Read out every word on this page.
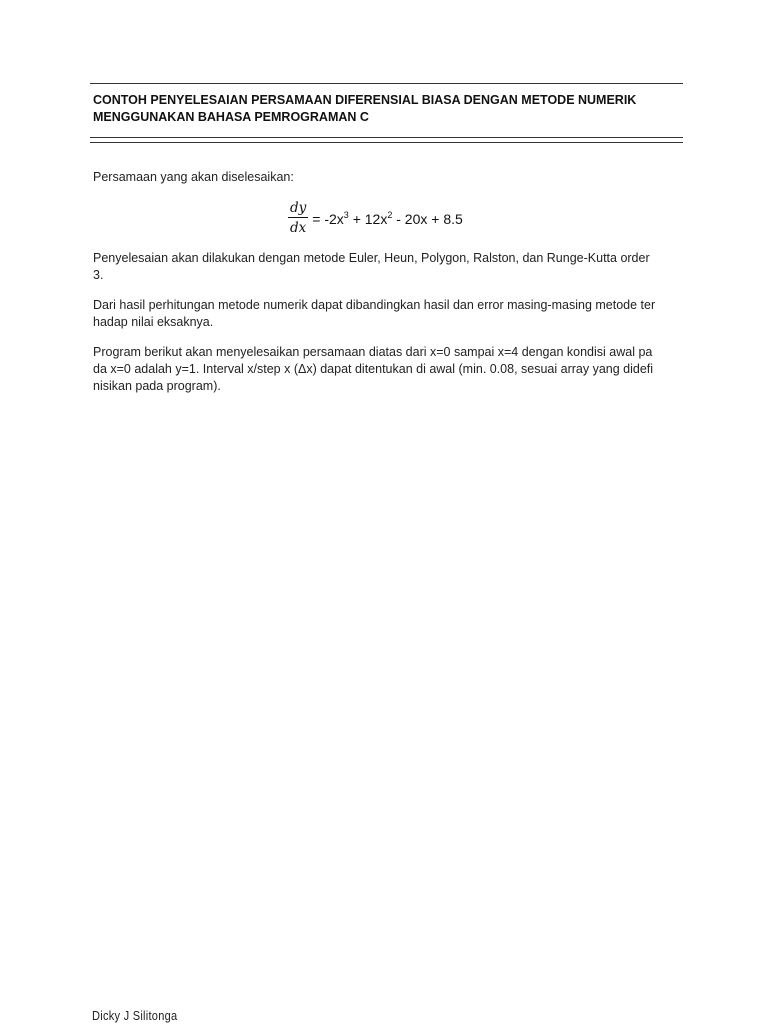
CONTOH PENYELESAIAN PERSAMAAN DIFERENSIAL BIASA DENGAN METODE NUMERIK
MENGGUNAKAN BAHASA PEMROGRAMAN C
Persamaan yang akan diselesaikan:
$\frac{dy}{dx} = -2x^3 + 12x^2 - 20x + 8.5$
Penyelesaian akan dilakukan dengan metode Euler, Heun, Polygon, Ralston, dan Runge-Kutta order
3.
Dari hasil perhitungan metode numerik dapat dibandingkan hasil dan error masing-masing metode ter
hadap nilai eksaknya.
Program berikut akan menyelesaikan persamaan diatas dari x=0 sampai x=4 dengan kondisi awal pa
da x=0 adalah y=1. Interval x/step x (Δx) dapat ditentukan di awal (min. 0.08, sesuai array yang didefi
nisikan pada program).
Dicky J Silitonga
